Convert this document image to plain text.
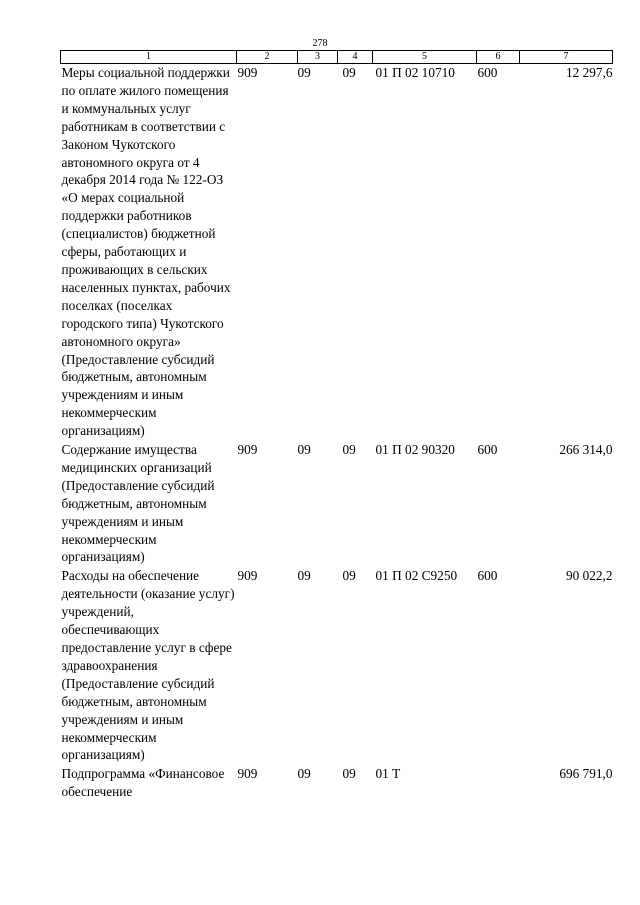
278
1	2	3	4	5	6	7
Меры социальной поддержки по оплате жилого помещения и коммунальных услуг работникам в соответствии с Законом Чукотского автономного округа от 4 декабря 2014 года № 122-ОЗ «О мерах социальной поддержки работников (специалистов) бюджетной сферы, работающих и проживающих в сельских населенных пунктах, рабочих поселках (поселках городского типа) Чукотского автономного округа» (Предоставление субсидий бюджетным, автономным учреждениям и иным некоммерческим организациям)	909	09	09	01 П 02 10710	600	12 297,6
Содержание имущества медицинских организаций (Предоставление субсидий бюджетным, автономным учреждениям и иным некоммерческим организациям)	909	09	09	01 П 02 90320	600	266 314,0
Расходы на обеспечение деятельности (оказание услуг) учреждений, обеспечивающих предоставление услуг в сфере здравоохранения (Предоставление субсидий бюджетным, автономным учреждениям и иным некоммерческим организациям)	909	09	09	01 П 02 С9250	600	90 022,2
Подпрограмма «Финансовое обеспечение	909	09	09	01 Т		696 791,0
